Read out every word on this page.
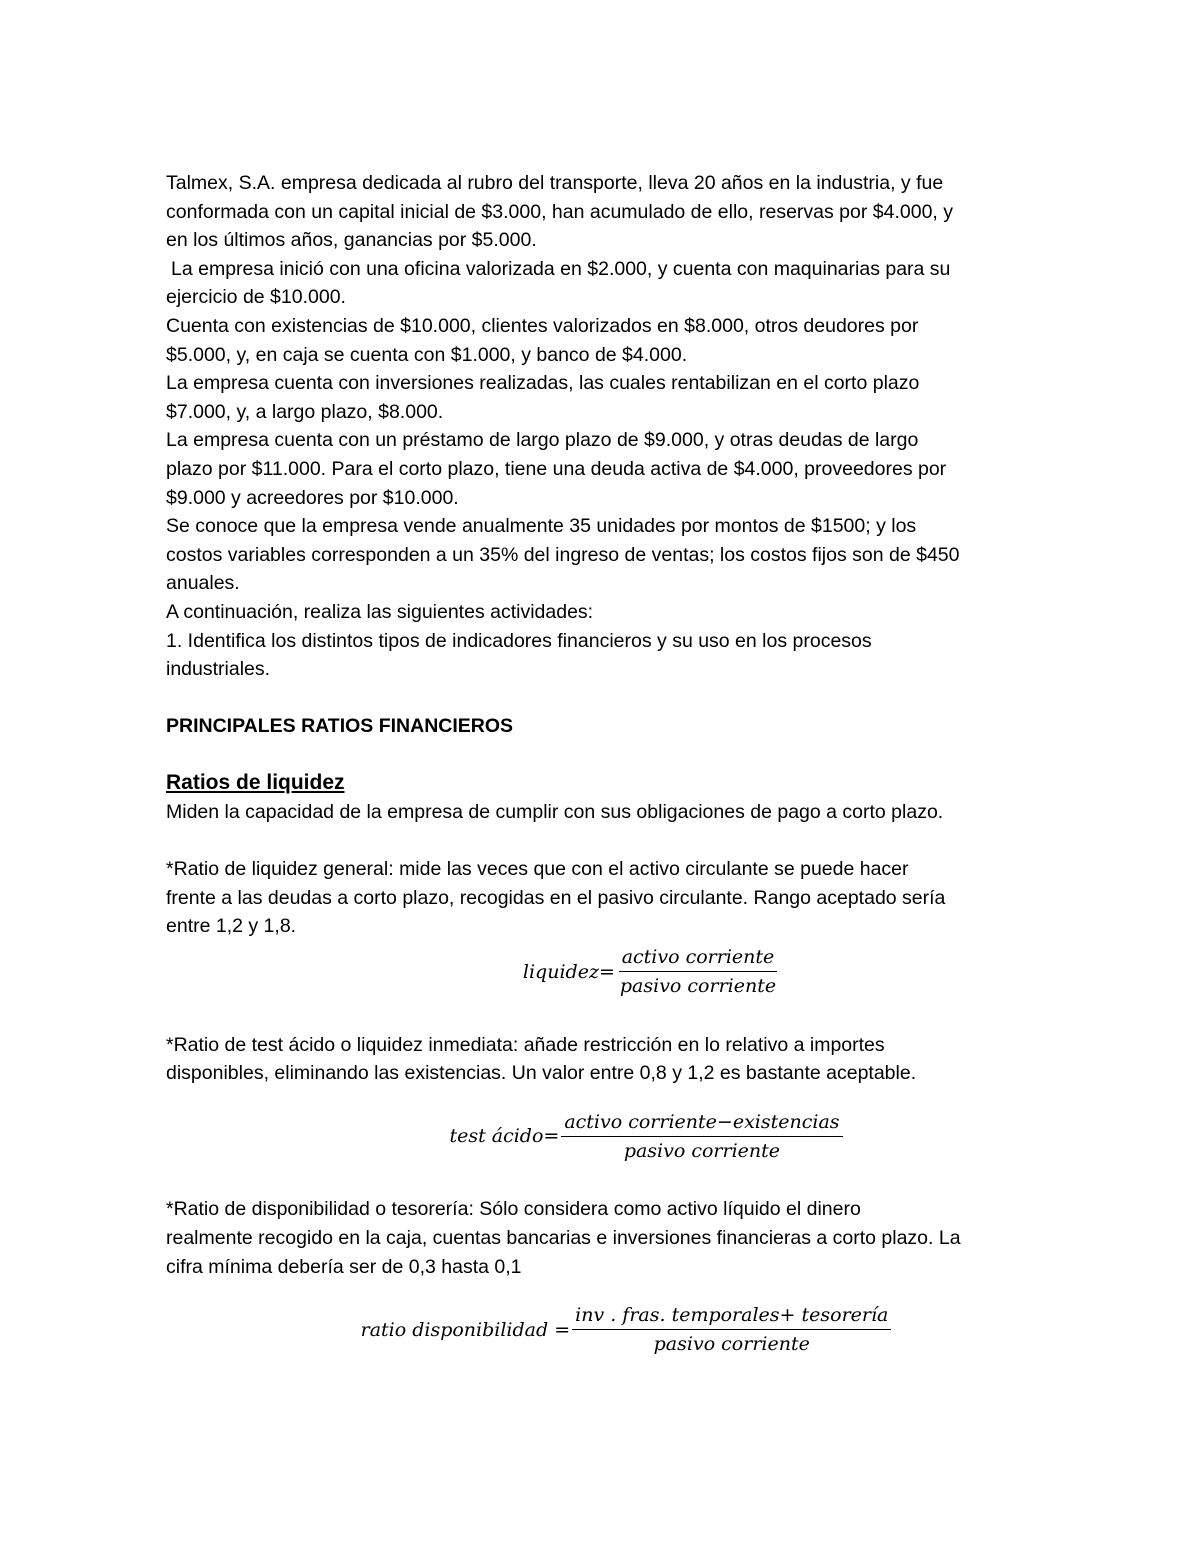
Talmex, S.A. empresa dedicada al rubro del transporte, lleva 20 años en la industria, y fue

conformada con un capital inicial de $3.000, han acumulado de ello, reservas por $4.000, y

en los últimos años, ganancias por $5.000.

La empresa inició con una oficina valorizada en $2.000, y cuenta con maquinarias para su

ejercicio de $10.000.

Cuenta con existencias de $10.000, clientes valorizados en $8.000, otros deudores por

$5.000, y, en caja se cuenta con $1.000, y banco de $4.000.

La empresa cuenta con inversiones realizadas, las cuales rentabilizan en el corto plazo

$7.000, y, a largo plazo, $8.000.

La empresa cuenta con un préstamo de largo plazo de $9.000, y otras deudas de largo

plazo por $11.000. Para el corto plazo, tiene una deuda activa de $4.000, proveedores por

$9.000 y acreedores por $10.000.

Se conoce que la empresa vende anualmente 35 unidades por montos de $1500; y los

costos variables corresponden a un 35% del ingreso de ventas; los costos fijos son de $450

anuales.

A continuación, realiza las siguientes actividades:

1. Identifica los distintos tipos de indicadores financieros y su uso en los procesos

industriales.

PRINCIPALES RATIOS FINANCIEROS

Ratios de liquidez

Miden la capacidad de la empresa de cumplir con sus obligaciones de pago a corto plazo.

*Ratio de liquidez general: mide las veces que con el activo circulante se puede hacer

frente a las deudas a corto plazo, recogidas en el pasivo circulante. Rango aceptado sería

entre 1,2 y 1,8.

liquidez= $\frac{\text{activo corriente}}{\text{pasivo corriente}}$

*Ratio de test ácido o liquidez inmediata: añade restricción en lo relativo a importes

disponibles, eliminando las existencias. Un valor entre 0,8 y 1,2 es bastante aceptable.

test ácido= $\frac{\text{activo corriente−existencias}}{\text{pasivo corriente}}$

*Ratio de disponibilidad o tesorería: Sólo considera como activo líquido el dinero

realmente recogido en la caja, cuentas bancarias e inversiones financieras a corto plazo. La

cifra mínima debería ser de 0,3 hasta 0,1

ratio disponibilidad = $\frac{\text{inv . fras. temporales+ tesorería}}{\text{pasivo corriente}}$
